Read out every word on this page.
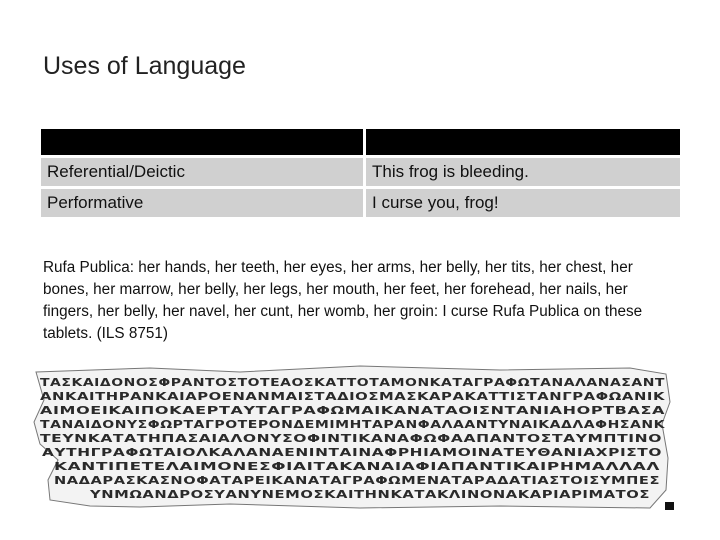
Uses of Language

Referential/Deictic	This frog is bleeding.
Performative	I curse you, frog!
Rufa Publica: her hands, her teeth, her eyes, her arms, her belly, her tits, her chest, her bones, her marrow, her belly, her legs, her mouth, her feet, her forehead, her nails, her fingers, her belly, her navel, her cunt, her womb, her groin: I curse Rufa Publica on these tablets. (ILS 8751)
ΤΑΣΚΑΙΔΟΝΟΣΦΡΑΝΤΟΣΤΟΤΕΑΟΣΚΑΤΤΟΤΑΜΟΝΚΑΤΑΓΡΑΦΩΤΑΝΑΛΑΝΑΣΑΝΤ
ΑΝΚΑΙΤΗΡΑΝΚΑΙΑΡΟΕΝΑΝΜΑΙΣΤΑΔΙΟΣΜΑΣΚΑΡΑΚΑΤΤΙΣΤΑΝΓΡΑΦΩΑΝΙΚ
ΑΙΜΟΕΙΚΑΙΠΟΚΑΕΡΤΑΥΤΑΓΡΑΦΩΜΑΙΚΑΝΑΤΑΟΙΣΝΤΑΝΙΑΗΟΡΤΒΑΣΑ
ΤΑΝΑΙΔΟΝΥΣΦΩΡΤΑΓΡΟΤΕΡΟΝΔΕΜΙΜΗΤΑΡΑΝΦΑΛΑΑΝΤΥΝΑΙΚΑΔΛΑΦΗΣΑΝΚ
ΤΕΥΝΚΑΤΑΤΗΠΑΣΑΙΑΛΟΝΥΣΟΦΙΝΤΙΚΑΝΑΦΩΦΑΑΠΑΝΤΟΣΤΑΥΜΠΤΙΝΟ
ΑΥΤΗΓΡΑΦΩΤΑΙΟΛΚΑΛΑΝΑΕΝΙΝΤΑΙΝΑΦΡΗΙΑΜΟΙΝΑΤΕΥΘΑΝΙΑΧΡΙΣΤΟ
ΚΑΝΤΙΠΕΤΕΛΑΙΜΟΝΕΣΦΙΑΙΤΑΚΑΝΑΙΑΦΙΑΠΑΝΤΙΚΑΙΡΗΜΑΛΛΑΛ
ΝΑΔΑΡΑΣΚΑΣΝΟΦΑΤΑΡΕΙΚΑΝΑΤΑΓΡΑΦΩΜΕΝΑΤΑΡΑΔΑΤΙΑΣΤΟΙΣΥΜΠΕΣ
ΥΝΜΩΑΝΔΡΟΣΥΑΝΥΝΕΜΟΣΚΑΙΤΗΝΚΑΤΑΚΛΙΝΟΝΑΚΑΡΙΑΡΙΜΑΤΟΣ
